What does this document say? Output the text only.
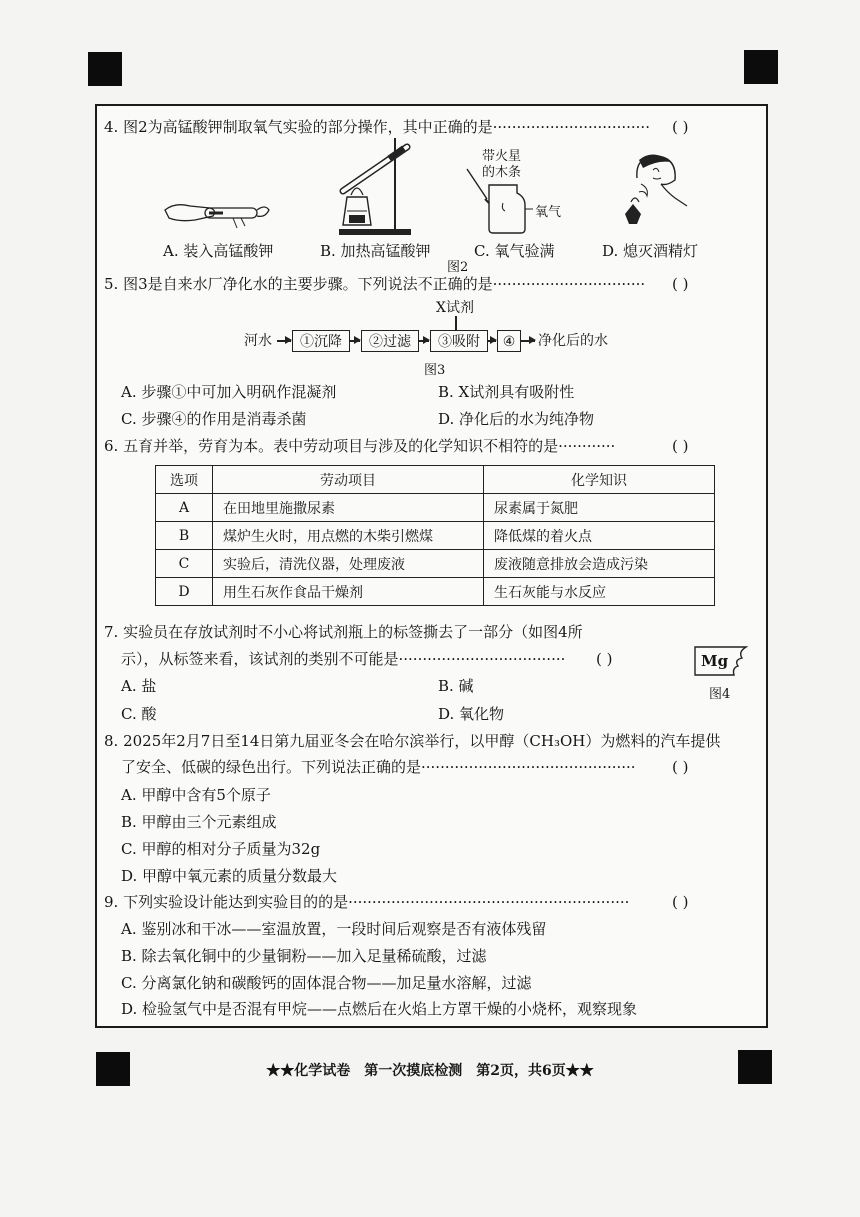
4. 图2为高锰酸钾制取氧气实验的部分操作，其中正确的是································· ( )
带火星
的木条
氧气
A. 装入高锰酸钾	B. 加热高锰酸钾	C. 氧气验满	D. 熄灭酒精灯
图2
5. 图3是自来水厂净化水的主要步骤。下列说法不正确的是································ ( )
X试剂
河水	①沉降	②过滤	③吸附	④	净化后的水
图3
A. 步骤①中可加入明矾作混凝剂	B. X试剂具有吸附性
C. 步骤④的作用是消毒杀菌	D. 净化后的水为纯净物
6. 五育并举，劳育为本。表中劳动项目与涉及的化学知识不相符的是············	( )
选项	劳动项目	化学知识
A	在田地里施撒尿素	尿素属于氮肥
B	煤炉生火时，用点燃的木柴引燃煤	降低煤的着火点
C	实验后，清洗仪器，处理废液	废液随意排放会造成污染
D	用生石灰作食品干燥剂	生石灰能与水反应
7. 实验员在存放试剂时不小心将试剂瓶上的标签撕去了一部分（如图4所
示），从标签来看，该试剂的类别不可能是··································· ( )	Mg
图4
A. 盐	B. 碱
C. 酸	D. 氧化物
8. 2025年2月7日至14日第九届亚冬会在哈尔滨举行，以甲醇（CH₃OH）为燃料的汽车提供
了安全、低碳的绿色出行。下列说法正确的是············································· ( )
A. 甲醇中含有5个原子
B. 甲醇由三个元素组成
C. 甲醇的相对分子质量为32g
D. 甲醇中氧元素的质量分数最大
9. 下列实验设计能达到实验目的的是···························································	( )
A. 鉴别冰和干冰——室温放置，一段时间后观察是否有液体残留
B. 除去氧化铜中的少量铜粉——加入足量稀硫酸，过滤
C. 分离氯化钠和碳酸钙的固体混合物——加足量水溶解，过滤
D. 检验氢气中是否混有甲烷——点燃后在火焰上方罩干燥的小烧杯，观察现象
★★化学试卷　第一次摸底检测　第2页，共6页★★
